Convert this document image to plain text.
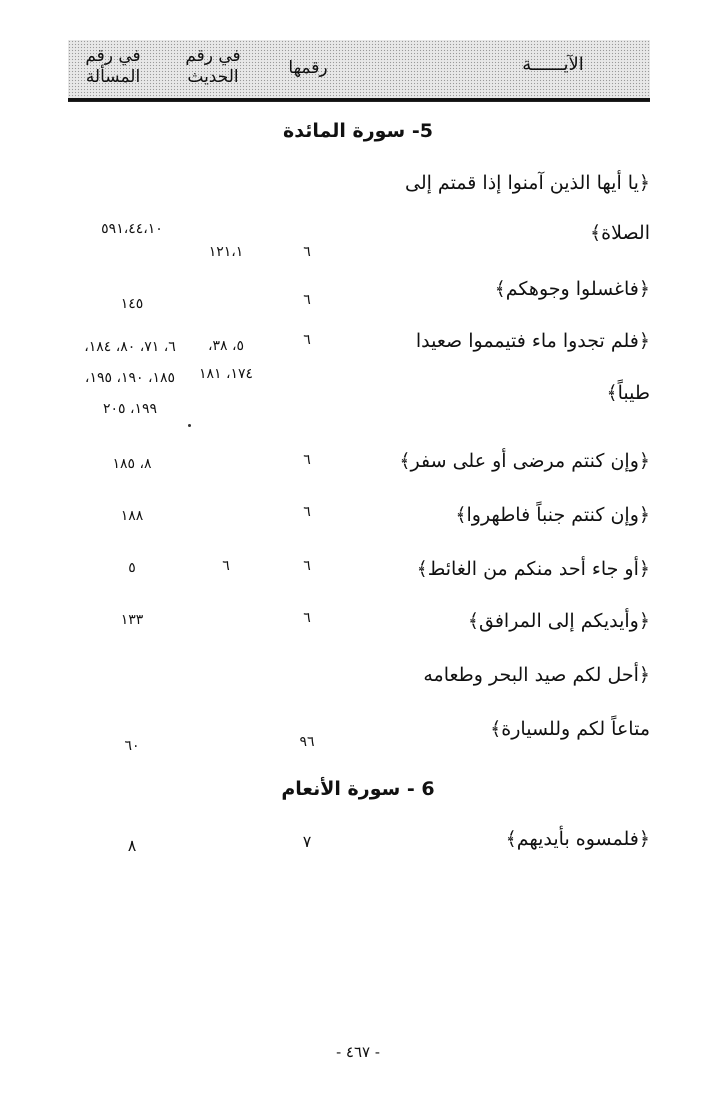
الآيــــــة
رقمها
في رقم الحديث
في رقم المسألة
5- سورة المائدة
﴿يا أيها الذين آمنوا إذا قمتم إلى
الصلاة﴾
٥٩١،٤٤،١٠
١٢١،١	٦
﴿فاغسلوا وجوهكم﴾
١٤٥	٦
﴿فلم تجدوا ماء فتيمموا صعيدا
طيباً﴾
٦
٥، ٣٨، ١٧٤، ١٨١
٦، ٧١، ٨٠، ١٨٤، ١٨٥، ١٩٠، ١٩٥، ١٩٩، ٢٠٥
﴿وإن كنتم مرضى أو على سفر﴾
٦
٨، ١٨٥
﴿وإن كنتم جنباً فاطهروا﴾
٦
١٨٨
﴿أو جاء أحد منكم من الغائط﴾
٦
٦
٥
﴿وأيديكم إلى المرافق﴾
٦
١٣٣
﴿أحل لكم صيد البحر وطعامه
متاعاً لكم وللسيارة﴾
٩٦
٦٠
6 - سورة الأنعام
﴿فلمسوه بأيديهم﴾
٧
٨
- ٤٦٧ -
